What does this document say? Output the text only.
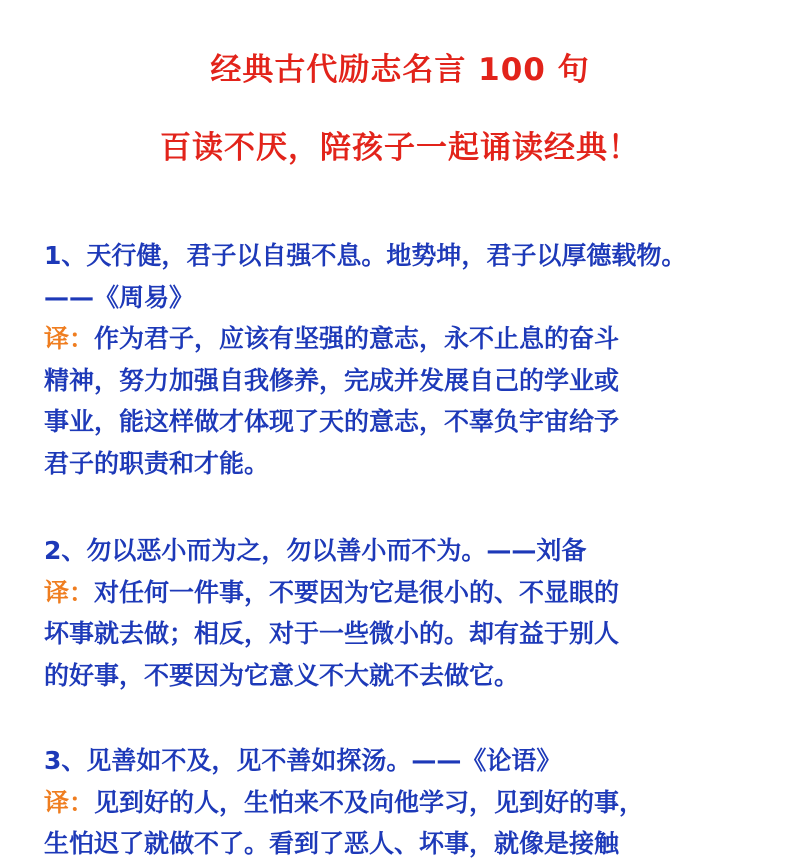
经典古代励志名言 100 句
百读不厌，陪孩子一起诵读经典！
1、天行健，君子以自强不息。地势坤，君子以厚德载物。
——《周易》
译：作为君子，应该有坚强的意志，永不止息的奋斗
精神，努力加强自我修养，完成并发展自己的学业或
事业，能这样做才体现了天的意志，不辜负宇宙给予
君子的职责和才能。
2、勿以恶小而为之，勿以善小而不为。——刘备
译：对任何一件事，不要因为它是很小的、不显眼的
坏事就去做；相反，对于一些微小的。却有益于别人
的好事，不要因为它意义不大就不去做它。
3、见善如不及，见不善如探汤。——《论语》
译：见到好的人，生怕来不及向他学习，见到好的事，
生怕迟了就做不了。看到了恶人、坏事，就像是接触
